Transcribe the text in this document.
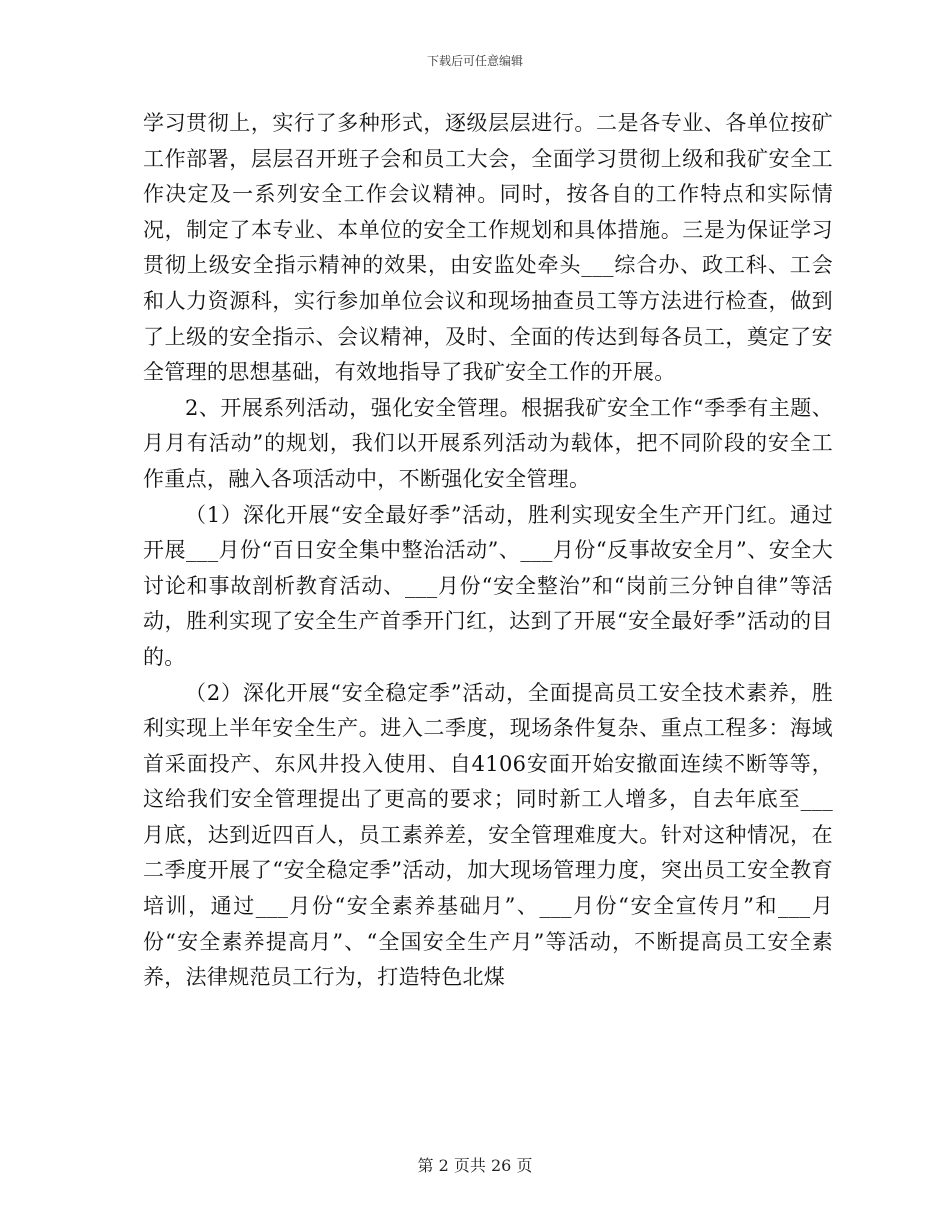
下载后可任意编辑

学习贯彻上，实行了多种形式，逐级层层进行。二是各专业、各单位按矿工作部署，层层召开班子会和员工大会，全面学习贯彻上级和我矿安全工作决定及一系列安全工作会议精神。同时，按各自的工作特点和实际情况，制定了本专业、本单位的安全工作规划和具体措施。三是为保证学习贯彻上级安全指示精神的效果，由安监处牵头___综合办、政工科、工会和人力资源科，实行参加单位会议和现场抽查员工等方法进行检查，做到了上级的安全指示、会议精神，及时、全面的传达到每各员工，奠定了安全管理的思想基础，有效地指导了我矿安全工作的开展。

2、开展系列活动，强化安全管理。根据我矿安全工作“季季有主题、月月有活动”的规划，我们以开展系列活动为载体，把不同阶段的安全工作重点，融入各项活动中，不断强化安全管理。

（1）深化开展“安全最好季”活动，胜利实现安全生产开门红。通过开展___月份“百日安全集中整治活动”、___月份“反事故安全月”、安全大讨论和事故剖析教育活动、___月份“安全整治”和“岗前三分钟自律”等活动，胜利实现了安全生产首季开门红，达到了开展“安全最好季”活动的目的。

（2）深化开展“安全稳定季”活动，全面提高员工安全技术素养，胜利实现上半年安全生产。进入二季度，现场条件复杂、重点工程多：海域首采面投产、东风井投入使用、自4106安面开始安撤面连续不断等等，这给我们安全管理提出了更高的要求；同时新工人增多，自去年底至___月底，达到近四百人，员工素养差，安全管理难度大。针对这种情况，在二季度开展了“安全稳定季”活动，加大现场管理力度，突出员工安全教育培训，通过___月份“安全素养基础月”、___月份“安全宣传月”和___月份“安全素养提高月”、“全国安全生产月”等活动，不断提高员工安全素养，法律规范员工行为，打造特色北煤

第 2 页共 26 页
